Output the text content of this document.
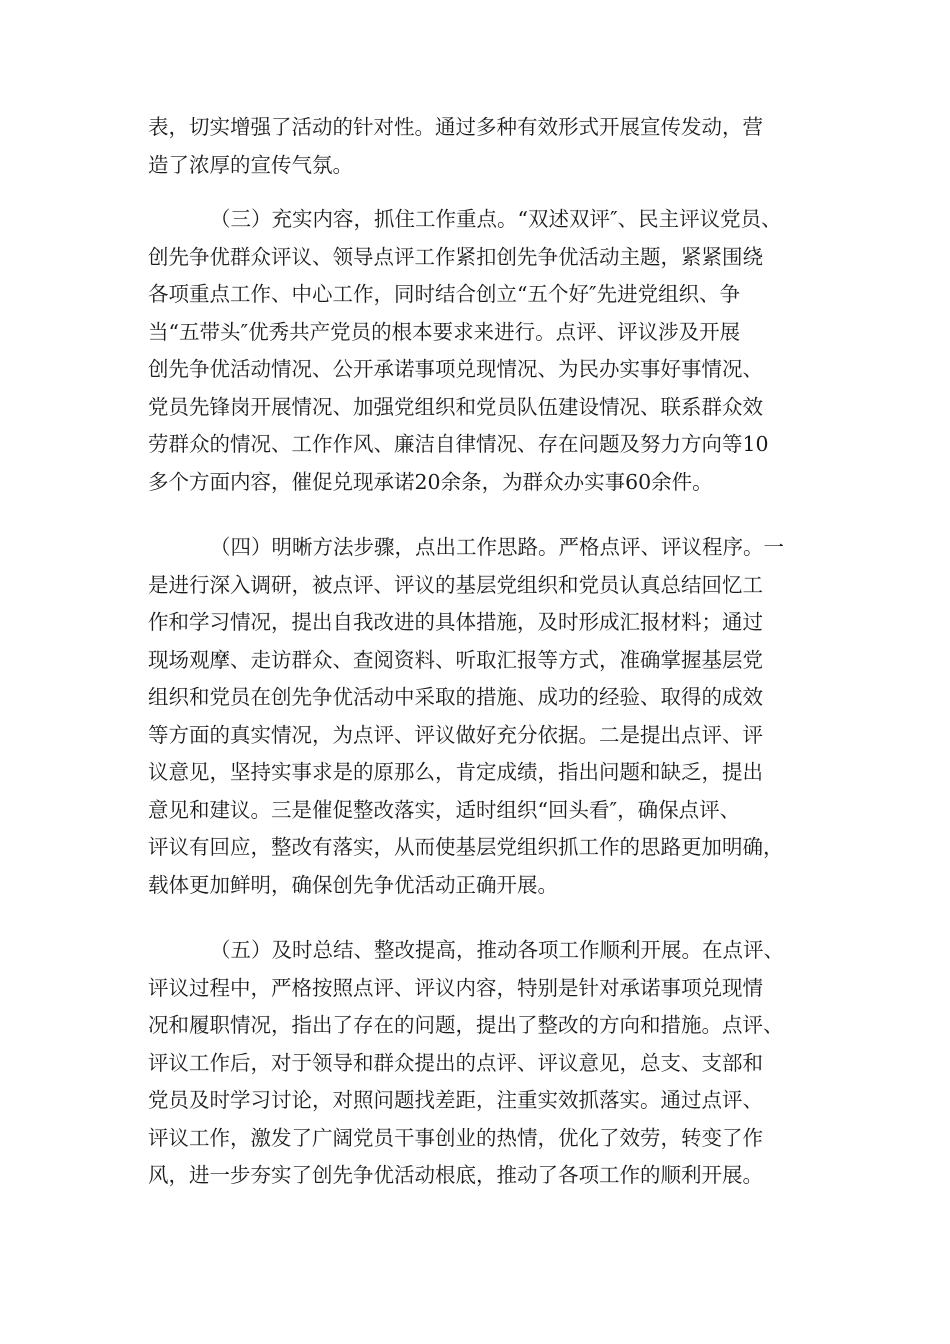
表，切实增强了活动的针对性。通过多种有效形式开展宣传发动，营
造了浓厚的宣传气氛。
（三）充实内容，抓住工作重点。“双述双评″、民主评议党员、
创先争优群众评议、领导点评工作紧扣创先争优活动主题，紧紧围绕
各项重点工作、中心工作，同时结合创立“五个好″先进党组织、争
当“五带头″优秀共产党员的根本要求来进行。点评、评议涉及开展
创先争优活动情况、公开承诺事项兑现情况、为民办实事好事情况、
党员先锋岗开展情况、加强党组织和党员队伍建设情况、联系群众效
劳群众的情况、工作作风、廉洁自律情况、存在问题及努力方向等10
多个方面内容，催促兑现承诺20余条，为群众办实事60余件。
（四）明晰方法步骤，点出工作思路。严格点评、评议程序。一
是进行深入调研，被点评、评议的基层党组织和党员认真总结回忆工
作和学习情况，提出自我改进的具体措施，及时形成汇报材料；通过
现场观摩、走访群众、查阅资料、听取汇报等方式，准确掌握基层党
组织和党员在创先争优活动中采取的措施、成功的经验、取得的成效
等方面的真实情况，为点评、评议做好充分依据。二是提出点评、评
议意见，坚持实事求是的原那么，肯定成绩，指出问题和缺乏，提出
意见和建议。三是催促整改落实，适时组织“回头看″，确保点评、
评议有回应，整改有落实，从而使基层党组织抓工作的思路更加明确，
载体更加鲜明，确保创先争优活动正确开展。
（五）及时总结、整改提高，推动各项工作顺利开展。在点评、
评议过程中，严格按照点评、评议内容，特别是针对承诺事项兑现情
况和履职情况，指出了存在的问题，提出了整改的方向和措施。点评、
评议工作后，对于领导和群众提出的点评、评议意见，总支、支部和
党员及时学习讨论，对照问题找差距，注重实效抓落实。通过点评、
评议工作，激发了广阔党员干事创业的热情，优化了效劳，转变了作
风，进一步夯实了创先争优活动根底，推动了各项工作的顺利开展。
